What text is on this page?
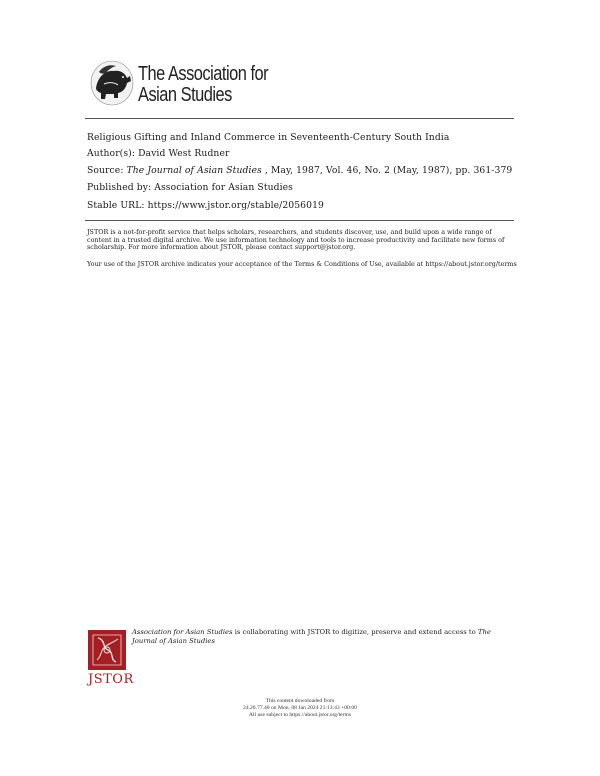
The Association for
Asian Studies
Religious Gifting and Inland Commerce in Seventeenth-Century South India
Author(s): David West Rudner
Source: The Journal of Asian Studies , May, 1987, Vol. 46, No. 2 (May, 1987), pp. 361-379
Published by: Association for Asian Studies
Stable URL: https://www.jstor.org/stable/2056019
JSTOR is a not-for-profit service that helps scholars, researchers, and students discover, use, and build upon a wide range of content in a trusted digital archive. We use information technology and tools to increase productivity and facilitate new forms of scholarship. For more information about JSTOR, please contact support@jstor.org.
Your use of the JSTOR archive indicates your acceptance of the Terms & Conditions of Use, available at https://about.jstor.org/terms
JSTOR
Association for Asian Studies is collaborating with JSTOR to digitize, preserve and extend access to The Journal of Asian Studies
This content downloaded from
24.20.77.40 on Mon, 08 Jan 2024 21:13:43 +00:00
All use subject to https://about.jstor.org/terms
